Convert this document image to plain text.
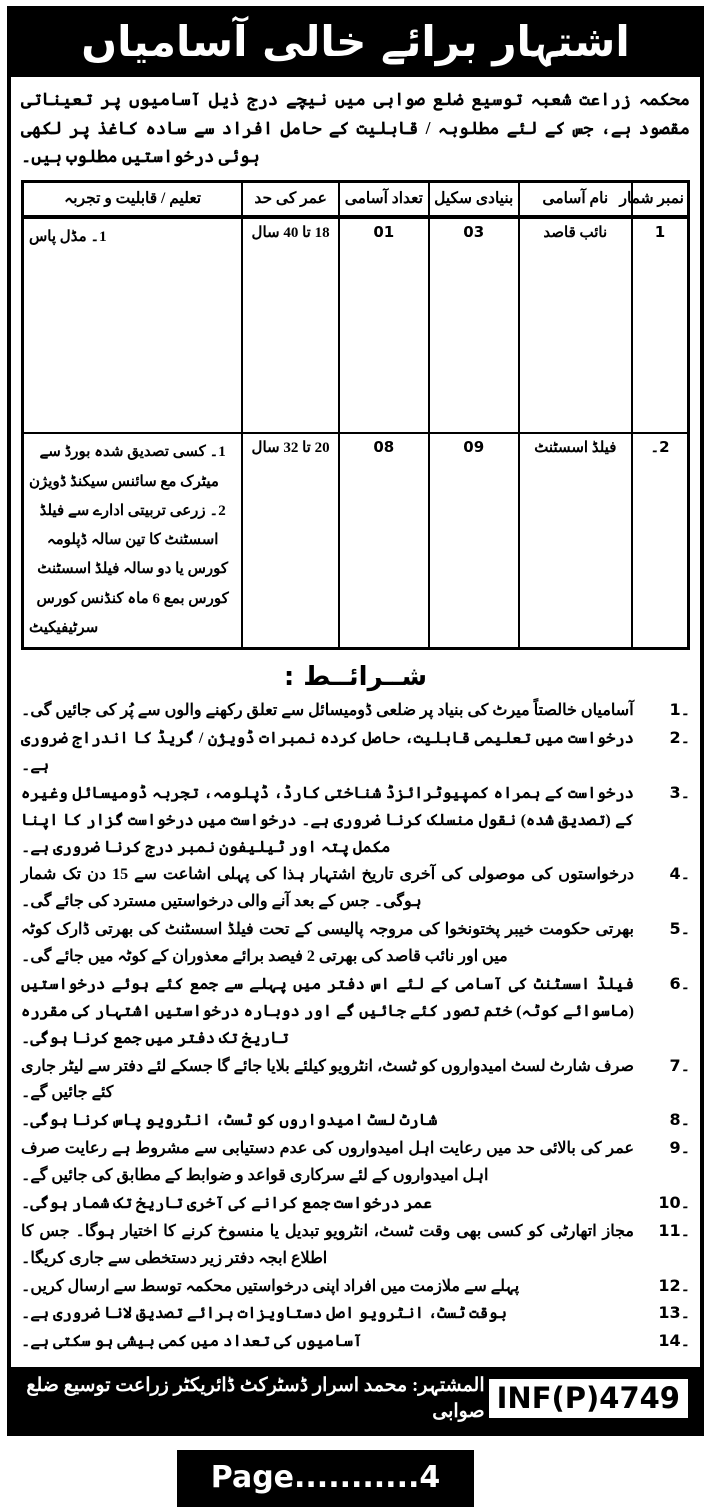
اشتہار برائے خالی آسامیاں
محکمہ زراعت شعبہ توسیع ضلع صوابی میں نیچے درج ذیل آسامیوں پر تعیناتی مقصود ہے، جس کے لئے مطلوبہ / قابلیت کے حامل افراد سے سادہ کاغذ پر لکھی ہوئی درخواستیں مطلوب ہیں۔
نمبر شمار	نام آسامی	بنیادی سکیل	تعداد آسامی	عمر کی حد	تعلیم / قابلیت و تجربہ
1	نائب قاصد	03	01	18 تا 40 سال	1۔ مڈل پاس

2۔	فیلڈ اسسٹنٹ	09	08	20 تا 32 سال	1۔ کسی تصدیق شدہ بورڈ سے میٹرک مع سائنس سیکنڈ ڈویژن
2۔ زرعی تربیتی ادارے سے فیلڈ اسسٹنٹ کا تین سالہ ڈپلومہ کورس یا دو سالہ فیلڈ اسسٹنٹ کورس بمع 6 ماہ کنڈنس کورس سرٹیفیکیٹ
شــرائــط :
1۔
آسامیاں خالصتاً میرٹ کی بنیاد پر ضلعی ڈومیسائل سے تعلق رکھنے والوں سے پُر کی جائیں گی۔
2۔
درخواست میں تعلیمی قابلیت، حاصل کردہ نمبرات ڈویژن / گریڈ کا اندراج ضروری ہے۔
3۔
درخواست کے ہمراہ کمپیوٹرائزڈ شناختی کارڈ، ڈپلومہ، تجربہ ڈومیسائل وغیرہ کے (تصدیق شدہ) نقول منسلک کرنا ضروری ہے۔ درخواست میں درخواست گزار کا اپنا مکمل پتہ اور ٹیلیفون نمبر درج کرنا ضروری ہے۔
4۔
درخواستوں کی موصولی کی آخری تاریخ اشتہار ہذا کی پہلی اشاعت سے 15 دن تک شمار ہوگی۔ جس کے بعد آنے والی درخواستیں مسترد کی جائے گی۔
5۔
بھرتی حکومت خیبر پختونخوا کی مروجہ پالیسی کے تحت فیلڈ اسسٹنٹ کی بھرتی ڈارک کوٹہ میں اور نائب قاصد کی بھرتی 2 فیصد برائے معذوران کے کوٹہ میں جائے گی۔
6۔
فیلڈ اسسٹنٹ کی آسامی کے لئے اس دفتر میں پہلے سے جمع کئے ہوئے درخواستیں (ماسوائے کوٹہ) ختم تصور کئے جائیں گے اور دوبارہ درخواستیں اشتہار کی مقررہ تاریخ تک دفتر میں جمع کرنا ہوگی۔
7۔
صرف شارٹ لسٹ امیدواروں کو ٹسٹ، انٹرویو کیلئے بلایا جائے گا جسکے لئے دفتر سے لیٹر جاری کئے جائیں گے۔
8۔
شارٹ لسٹ امیدواروں کو ٹسٹ، انٹرویو پاس کرنا ہوگی۔
9۔
عمر کی بالائی حد میں رعایت اہل امیدواروں کی عدم دستیابی سے مشروط ہے رعایت صرف اہل امیدواروں کے لئے سرکاری قواعد و ضوابط کے مطابق کی جائیں گے۔
10۔
عمر درخواست جمع کرانے کی آخری تاریخ تک شمار ہوگی۔
11۔
مجاز اتھارٹی کو کسی بھی وقت ٹسٹ، انٹرویو تبدیل یا منسوخ کرنے کا اختیار ہوگا۔ جس کا اطلاع ابجہ دفتر زیر دستخطی سے جاری کریگا۔
12۔
پہلے سے ملازمت میں افراد اپنی درخواستیں محکمہ توسط سے ارسال کریں۔
13۔
بوقت ٹسٹ، انٹرویو اصل دستاویزات برائے تصدیق لانا ضروری ہے۔
14۔
آسامیوں کی تعداد میں کمی بیشی ہو سکتی ہے۔
INF(P)4749
المشتہر: محمد اسرار ڈسٹرکٹ ڈائریکٹر زراعت توسیع ضلع صوابی
Page...........4
